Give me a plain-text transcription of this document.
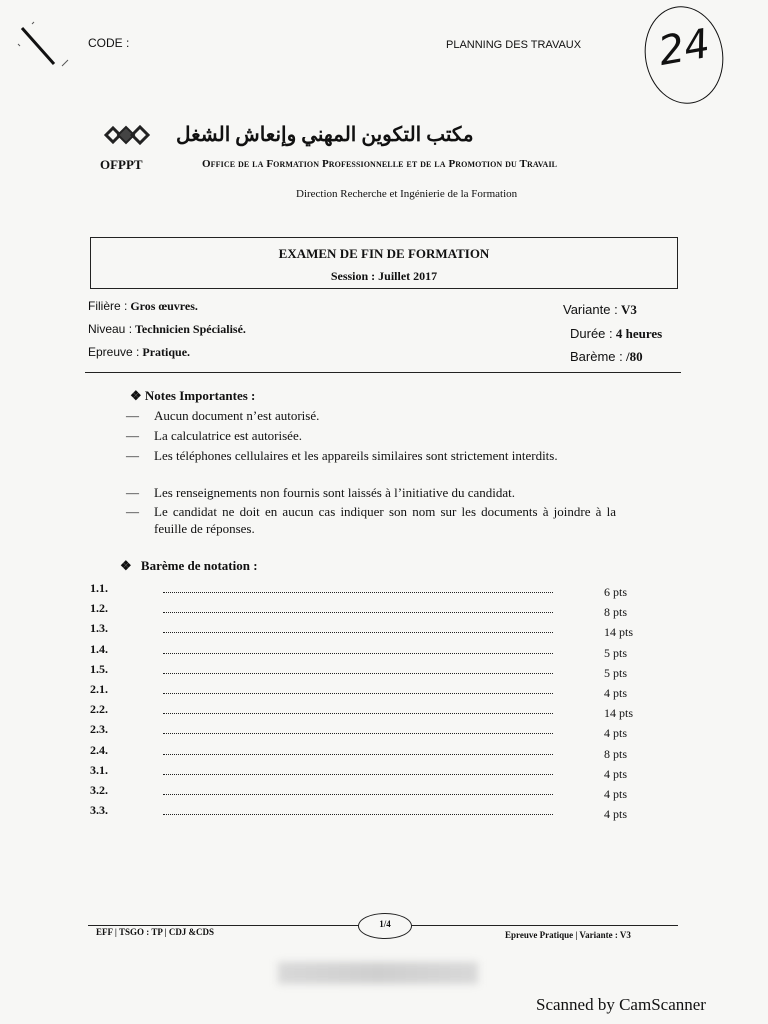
CODE :	PLANNING DES TRAVAUX 24
مكتب التكوين المهني وإنعاش الشغل
OFPPT	Office de la Formation Professionnelle et de la Promotion du Travail
Direction Recherche et Ingénierie de la Formation
EXAMEN DE FIN DE FORMATION
Session : Juillet 2017
Filière : Gros œuvres.
Niveau : Technicien Spécialisé.
Epreuve : Pratique.
Variante : V3
Durée : 4 heures
Barème : /80
❖ Notes Importantes :
— Aucun document n’est autorisé.
— La calculatrice est autorisée.
— Les téléphones cellulaires et les appareils similaires sont strictement interdits.
— Les renseignements non fournis sont laissés à l’initiative du candidat.
— Le candidat ne doit en aucun cas indiquer son nom sur les documents à joindre à la feuille de réponses.
❖ Barème de notation :
1.1.	6 pts
1.2.	8 pts
1.3.	14 pts
1.4.	5 pts
1.5.	5 pts
2.1.	4 pts
2.2.	14 pts
2.3.	4 pts
2.4.	8 pts
3.1.	4 pts
3.2.	4 pts
3.3.	4 pts
EFF | TSGO : TP | CDJ &CDS
1/4
Epreuve Pratique | Variante : V3
Scanned by CamScanner
